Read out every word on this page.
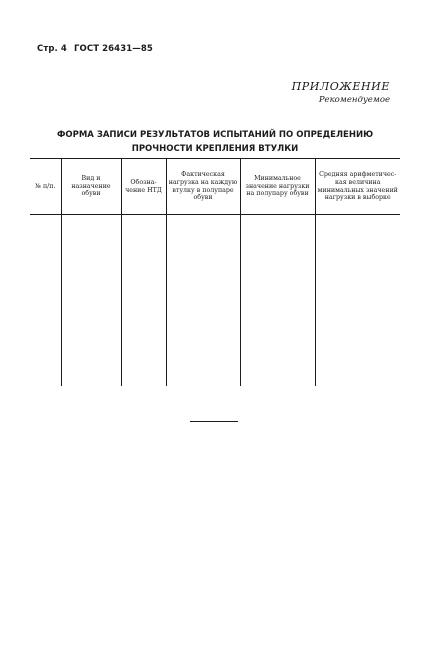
Стр. 4 ГОСТ 26431—85
ПРИЛОЖЕНИЕ
Рекомендуемое
ФОРМА ЗАПИСИ РЕЗУЛЬТАТОВ ИСПЫТАНИЙ ПО ОПРЕДЕЛЕНИЮ
ПРОЧНОСТИ КРЕПЛЕНИЯ ВТУЛКИ
№ п/п.	Вид и назначение обуви	Обозна-чение НТД	Фактическая нагрузка на каждую втулку в полупаре обуви	Минимальное значение нагрузки на полупару обуви	Средняя арифметичес-кая величина минимальных значений нагрузки в выборке
